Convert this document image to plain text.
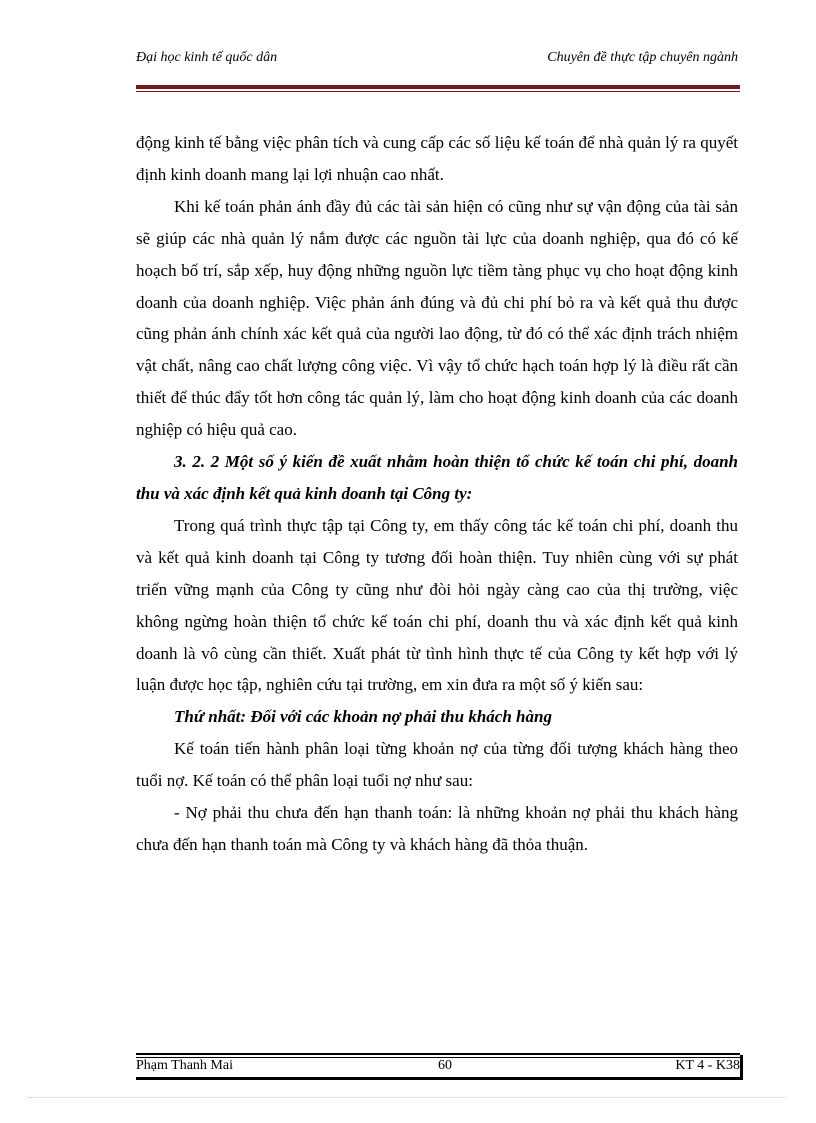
Đại học kinh tế quốc dân	Chuyên đề thực tập chuyên ngành

động kinh tế bằng việc phân tích và cung cấp các số liệu kế toán để nhà quản lý ra quyết định kinh doanh mang lại lợi nhuận cao nhất.

Khi kế toán phản ánh đầy đủ các tài sản hiện có cũng như sự vận động của tài sản sẽ giúp các nhà quản lý nắm được các nguồn tài lực của doanh nghiệp, qua đó có kế hoạch bố trí, sắp xếp, huy động những nguồn lực tiềm tàng phục vụ cho hoạt động kinh doanh của doanh nghiệp. Việc phản ánh đúng và đủ chi phí bỏ ra và kết quả thu được cũng phản ánh chính xác kết quả của người lao động, từ đó có thể xác định trách nhiệm vật chất, nâng cao chất lượng công việc. Vì vậy tổ chức hạch toán hợp lý là điều rất cần thiết để thúc đẩy tốt hơn công tác quản lý, làm cho hoạt động kinh doanh của các doanh nghiệp có hiệu quả cao.

3. 2. 2 Một số ý kiến đề xuất nhằm hoàn thiện tổ chức kế toán chi phí, doanh thu và xác định kết quả kinh doanh tại Công ty:

Trong quá trình thực tập tại Công ty, em thấy công tác kế toán chi phí, doanh thu và kết quả kinh doanh tại Công ty tương đối hoàn thiện. Tuy nhiên cùng với sự phát triển vững mạnh của Công ty cũng như đòi hỏi ngày càng cao của thị trường, việc không ngừng hoàn thiện tổ chức kế toán chi phí, doanh thu và xác định kết quả kinh doanh là vô cùng cần thiết. Xuất phát từ tình hình thực tế của Công ty kết hợp với lý luận được học tập, nghiên cứu tại trường, em xin đưa ra một số ý kiến sau:

Thứ nhất: Đối với các khoản nợ phải thu khách hàng

Kế toán tiến hành phân loại từng khoản nợ của từng đối tượng khách hàng theo tuổi nợ. Kế toán có thể phân loại tuổi nợ như sau:

- Nợ phải thu chưa đến hạn thanh toán: là những khoản nợ phải thu khách hàng chưa đến hạn thanh toán mà Công ty và khách hàng đã thỏa thuận.

Phạm Thanh Mai	60	KT 4 - K38
